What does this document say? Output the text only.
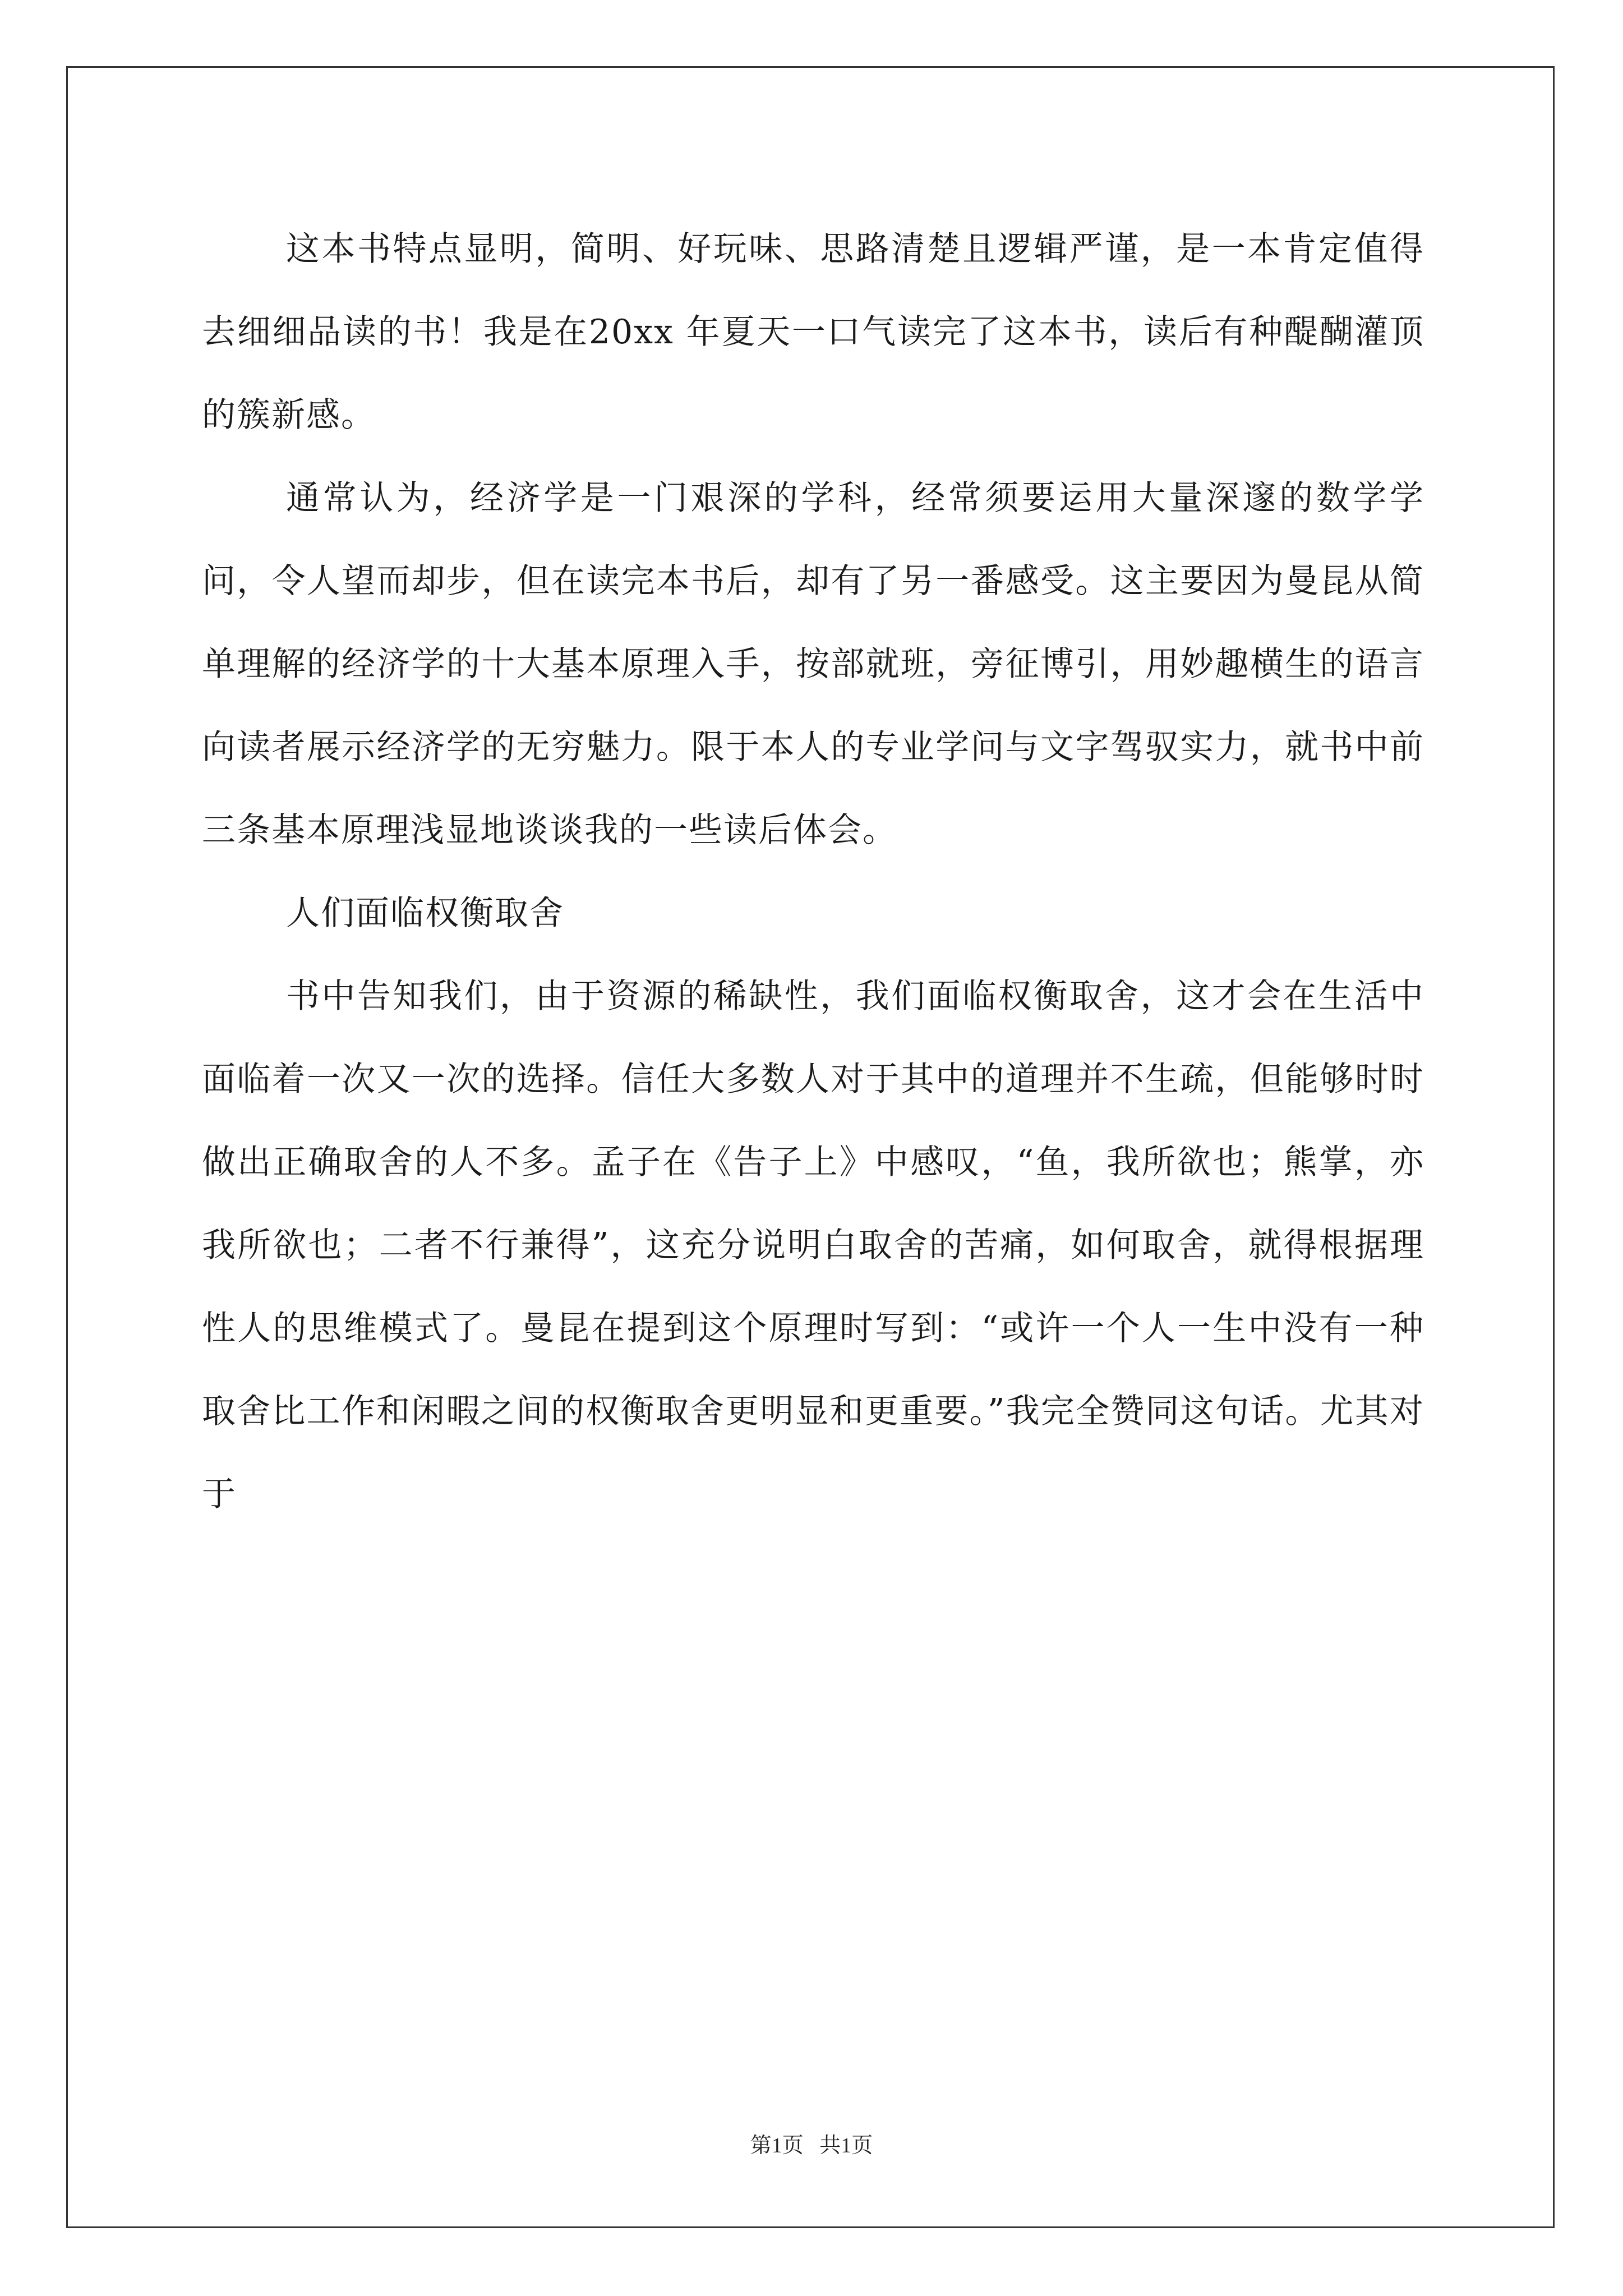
这本书特点显明，简明、好玩味、思路清楚且逻辑严谨，是一本肯定值得去细细品读的书！我是在20xx 年夏天一口气读完了这本书，读后有种醍醐灌顶的簇新感。

通常认为，经济学是一门艰深的学科，经常须要运用大量深邃的数学学问，令人望而却步，但在读完本书后，却有了另一番感受。这主要因为曼昆从简单理解的经济学的十大基本原理入手，按部就班，旁征博引，用妙趣横生的语言向读者展示经济学的无穷魅力。限于本人的专业学问与文字驾驭实力，就书中前三条基本原理浅显地谈谈我的一些读后体会。

人们面临权衡取舍

书中告知我们，由于资源的稀缺性，我们面临权衡取舍，这才会在生活中面临着一次又一次的选择。信任大多数人对于其中的道理并不生疏，但能够时时做出正确取舍的人不多。孟子在《告子上》中感叹，“鱼，我所欲也；熊掌，亦我所欲也；二者不行兼得”，这充分说明白取舍的苦痛，如何取舍，就得根据理性人的思维模式了。曼昆在提到这个原理时写到：“或许一个人一生中没有一种取舍比工作和闲暇之间的权衡取舍更明显和更重要。”我完全赞同这句话。尤其对于

第1页   共1页
